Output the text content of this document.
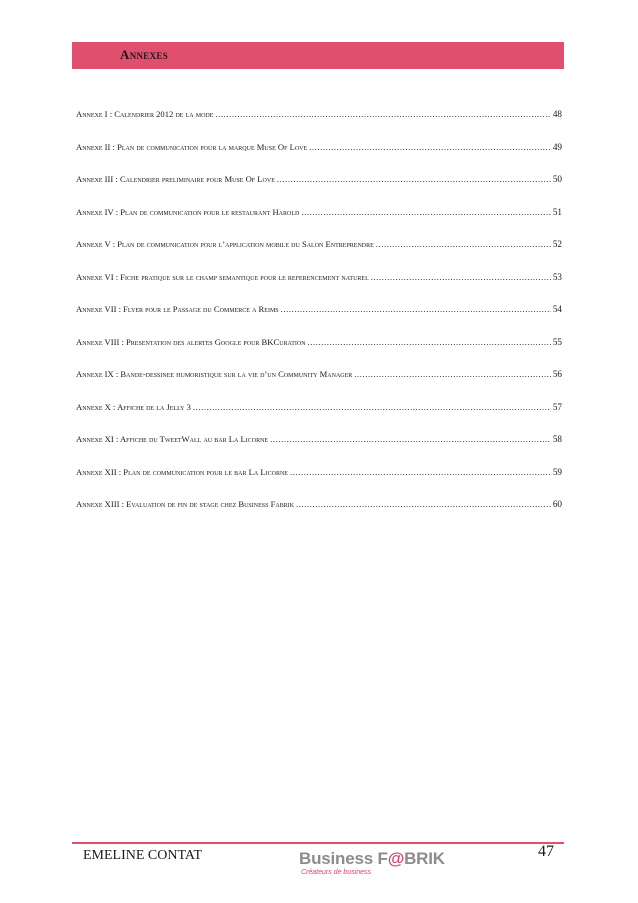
Annexes
Annexe I : Calendrier 2012 de la mode .....	48
Annexe II : Plan de communication pour la marque Muse Of Love .....	49
Annexe III : Calendrier preliminaire pour Muse Of Love .....	50
Annexe IV : Plan de communication pour le restaurant Harold .....	51
Annexe V : Plan de communication pour l’application mobile du Salon Entreprendre .....	52
Annexe VI : Fiche pratique sur le champ semantique pour le referencement naturel .....	53
Annexe VII : Flyer pour le Passage du Commerce a Reims .....	54
Annexe VIII : Presentation des alertes Google pour BKCuration .....	55
Annexe IX : Bande-dessinee humoristique sur la vie d’un Community Manager .....	56
Annexe X : Affiche de la Jelly 3 .....	57
Annexe XI : Affiche du TweetWall au bar La Licorne .....	58
Annexe XII : Plan de communication pour le bar La Licorne .....	59
Annexe XIII : Evaluation de fin de stage chez Business Fabrik .....	60
EMELINE CONTAT	Business F@BRIK
Créateurs de business
47
